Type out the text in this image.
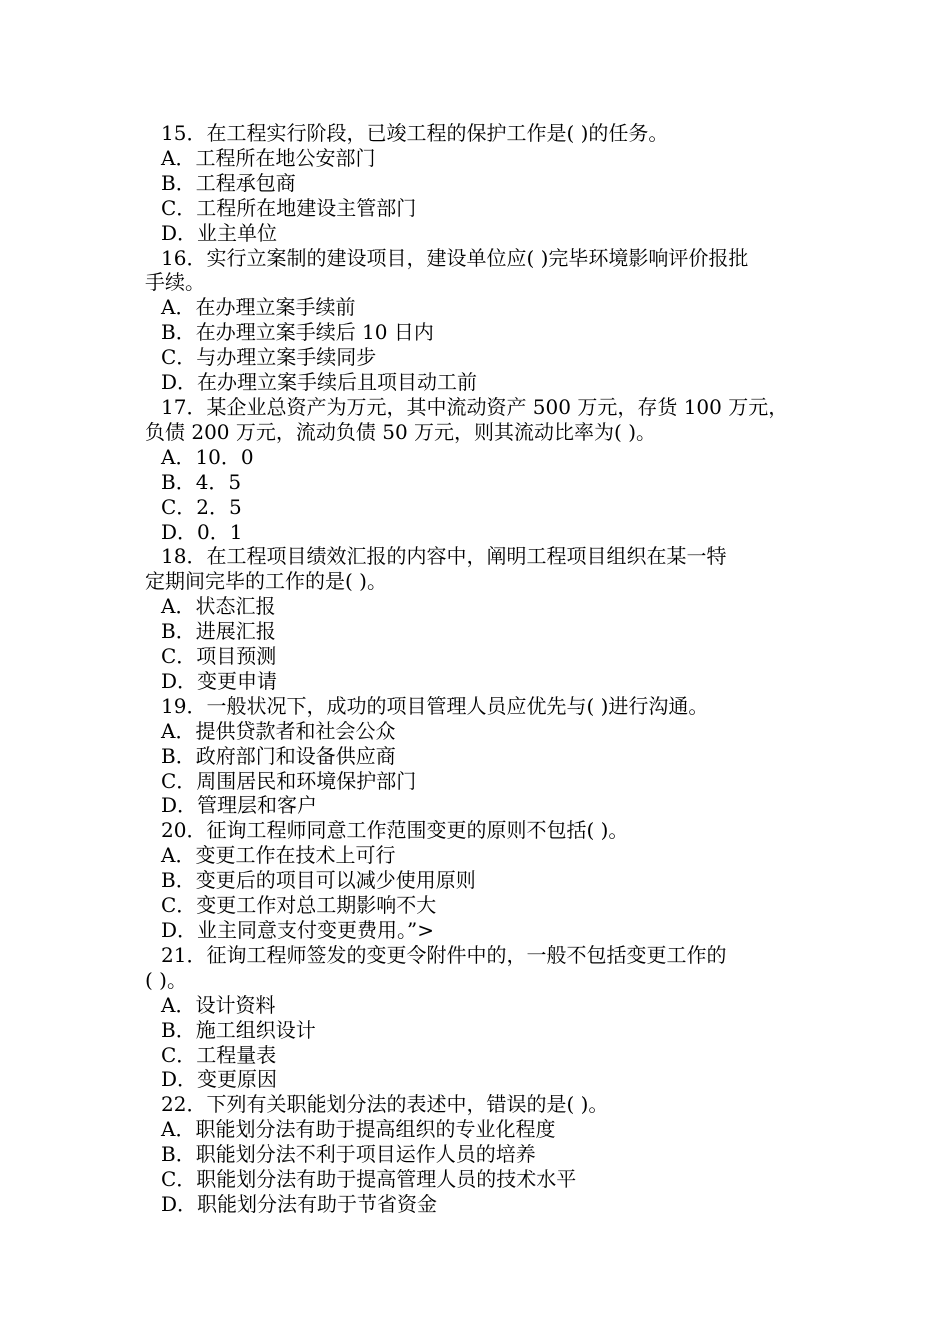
15．在工程实行阶段，已竣工程的保护工作是( )的任务。
A．工程所在地公安部门
B．工程承包商
C．工程所在地建设主管部门
D．业主单位
16．实行立案制的建设项目，建设单位应( )完毕环境影响评价报批
手续。
A．在办理立案手续前
B．在办理立案手续后 10 日内
C．与办理立案手续同步
D．在办理立案手续后且项目动工前
17．某企业总资产为万元，其中流动资产 500 万元，存货 100 万元，
负债 200 万元，流动负债 50 万元，则其流动比率为( )。
A．10．0
B．4．5
C．2．5
D．0．1
18．在工程项目绩效汇报的内容中，阐明工程项目组织在某一特
定期间完毕的工作的是( )。
A．状态汇报
B．进展汇报
C．项目预测
D．变更申请
19．一般状况下，成功的项目管理人员应优先与( )进行沟通。
A．提供贷款者和社会公众
B．政府部门和设备供应商
C．周围居民和环境保护部门
D．管理层和客户
20．征询工程师同意工作范围变更的原则不包括( )。
A．变更工作在技术上可行
B．变更后的项目可以减少使用原则
C．变更工作对总工期影响不大
D．业主同意支付变更费用。”>
21．征询工程师签发的变更令附件中的，一般不包括变更工作的
( )。
A．设计资料
B．施工组织设计
C．工程量表
D．变更原因
22．下列有关职能划分法的表述中，错误的是( )。
A．职能划分法有助于提高组织的专业化程度
B．职能划分法不利于项目运作人员的培养
C．职能划分法有助于提高管理人员的技术水平
D．职能划分法有助于节省资金
